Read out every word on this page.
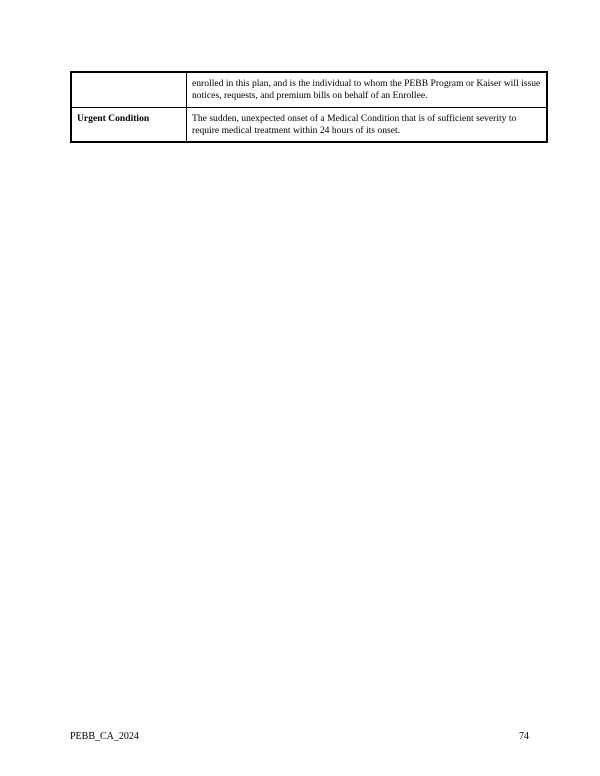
	enrolled in this plan, and is the individual to whom the PEBB Program or Kaiser will issue notices, requests, and premium bills on behalf of an Enrollee.
Urgent Condition	The sudden, unexpected onset of a Medical Condition that is of sufficient severity to require medical treatment within 24 hours of its onset.
PEBB_CA_2024	74
